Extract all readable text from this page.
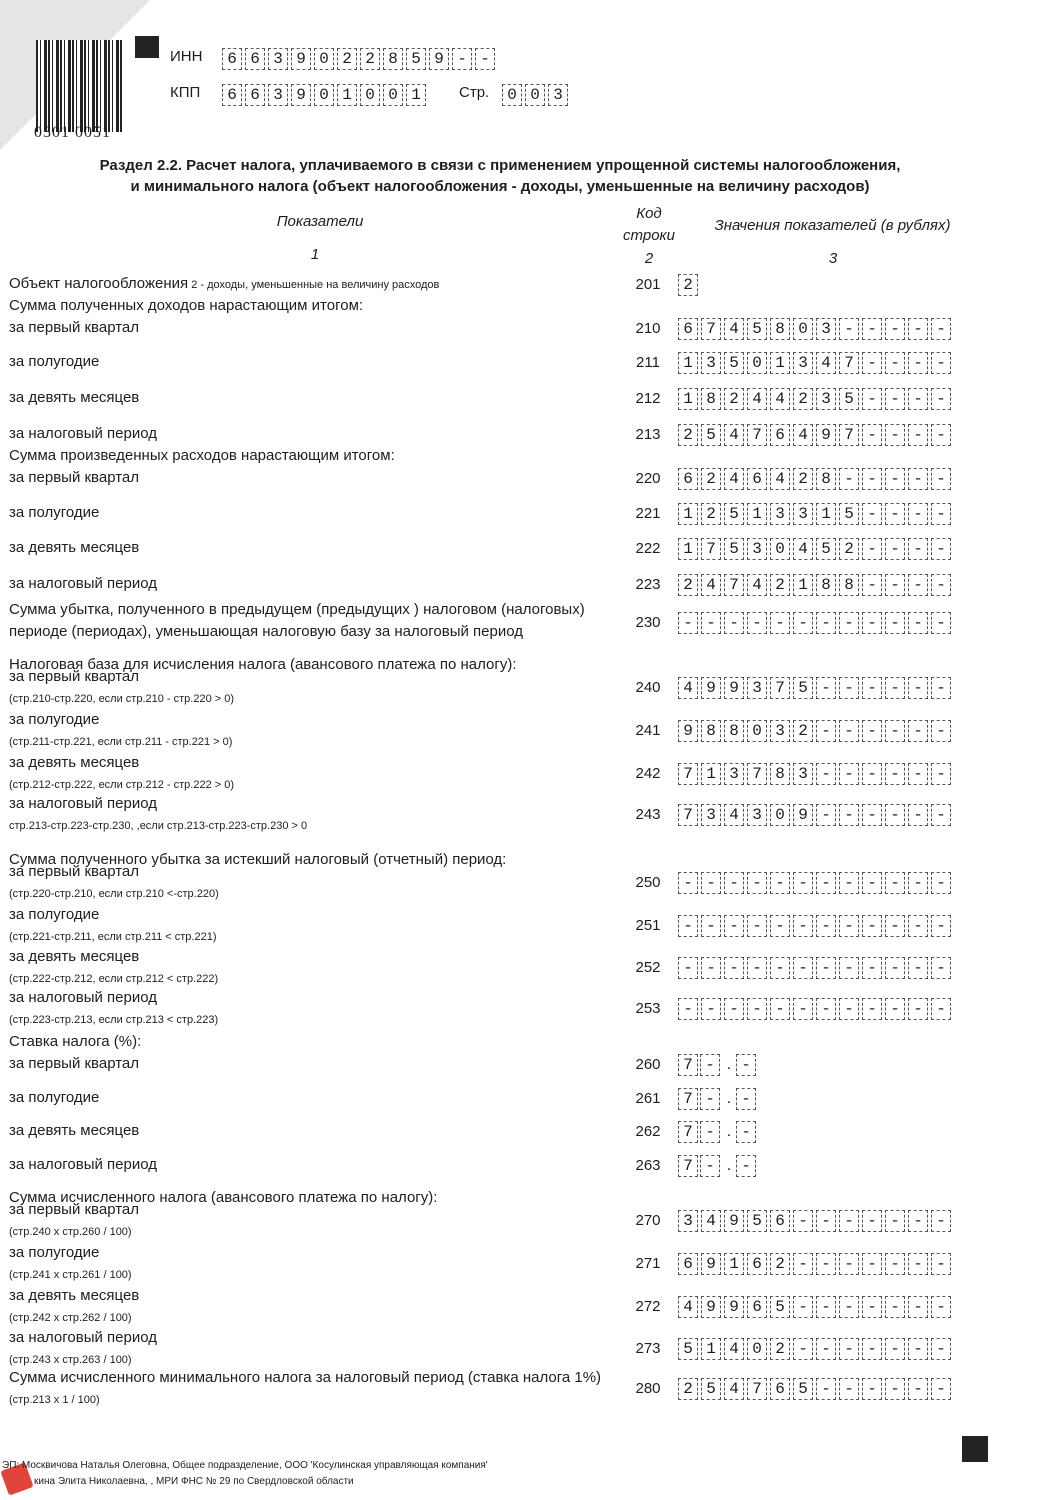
0301 0051
ИНН	6 6 3 9 0 2 2 8 5 9 - -
КПП	6 6 3 9 0 1 0 0 1	Стр.	0 0 3
Раздел 2.2. Расчет налога, уплачиваемого в связи с применением упрощенной системы налогообложения,
и минимального налога (объект налогообложения - доходы, уменьшенные на величину расходов)
Показатели	Код
строки
Значения показателей (в рублях)
1	2	3
Объект налогообложения 2 - доходы, уменьшенные на величину расходов	201	2
Сумма полученных доходов нарастающим итогом:
за первый квартал	210	6 7 4 5 8 0 3 - - - - -
за полугодие	211	1 3 5 0 1 3 4 7 - - - -
за девять месяцев	212	1 8 2 4 4 2 3 5 - - - -
за налоговый период	213	2 5 4 7 6 4 9 7 - - - -
Сумма произведенных расходов нарастающим итогом:
за первый квартал	220	6 2 4 6 4 2 8 - - - - -
за полугодие	221	1 2 5 1 3 3 1 5 - - - -
за девять месяцев	222	1 7 5 3 0 4 5 2 - - - -
за налоговый период	223	2 4 7 4 2 1 8 8 - - - -
Сумма убытка, полученного в предыдущем (предыдущих ) налоговом (налоговых)
периоде (периодах), уменьшающая налоговую базу за налоговый период
230	- - - - - - - - - - - -
Налоговая база для исчисления налога (авансового платежа по налогу):
за первый квартал
(стр.210-стр.220, если стр.210 - стр.220 > 0)
240	4 9 9 3 7 5 - - - - - -
за полугодие
(стр.211-стр.221, если стр.211 - стр.221 > 0)
241	9 8 8 0 3 2 - - - - - -
за девять месяцев
(стр.212-стр.222, если стр.212 - стр.222 > 0)
242	7 1 3 7 8 3 - - - - - -
за налоговый период
стр.213-стр.223-стр.230, ,если стр.213-стр.223-стр.230 > 0
243	7 3 4 3 0 9 - - - - - -
Сумма полученного убытка за истекший налоговый (отчетный) период:
за первый квартал
(стр.220-стр.210, если стр.210 <-стр.220)
250	- - - - - - - - - - - -
за полугодие
(стр.221-стр.211, если стр.211 < стр.221)
251	- - - - - - - - - - - -
за девять месяцев
(стр.222-стр.212, если стр.212 < стр.222)
252	- - - - - - - - - - - -
за налоговый период
(стр.223-стр.213, если стр.213 < стр.223)
253	- - - - - - - - - - - -
Ставка налога (%):
за первый квартал	260	7 - . -
за полугодие	261	7 - . -
за девять месяцев	262	7 - . -
за налоговый период	263	7 - . -
Сумма исчисленного налога (авансового платежа по налогу):
за первый квартал
(стр.240 х стр.260 / 100)
270	3 4 9 5 6 - - - - - - -
за полугодие
(стр.241 х стр.261 / 100)
271	6 9 1 6 2 - - - - - - -
за девять месяцев
(стр.242 х стр.262 / 100)
272	4 9 9 6 5 - - - - - - -
за налоговый период
(стр.243 х стр.263 / 100)
273	5 1 4 0 2 - - - - - - -
Сумма исчисленного минимального налога за налоговый период (ставка налога 1%)
(стр.213 х 1 / 100)
280	2 5 4 7 6 5 - - - - - -
ЭП: Москвичова Наталья Олеговна, Общее подразделение, ООО 'Косулинская управляющая компания'
кина Элита Николаевна, , МРИ ФНС № 29 по Свердловской области
